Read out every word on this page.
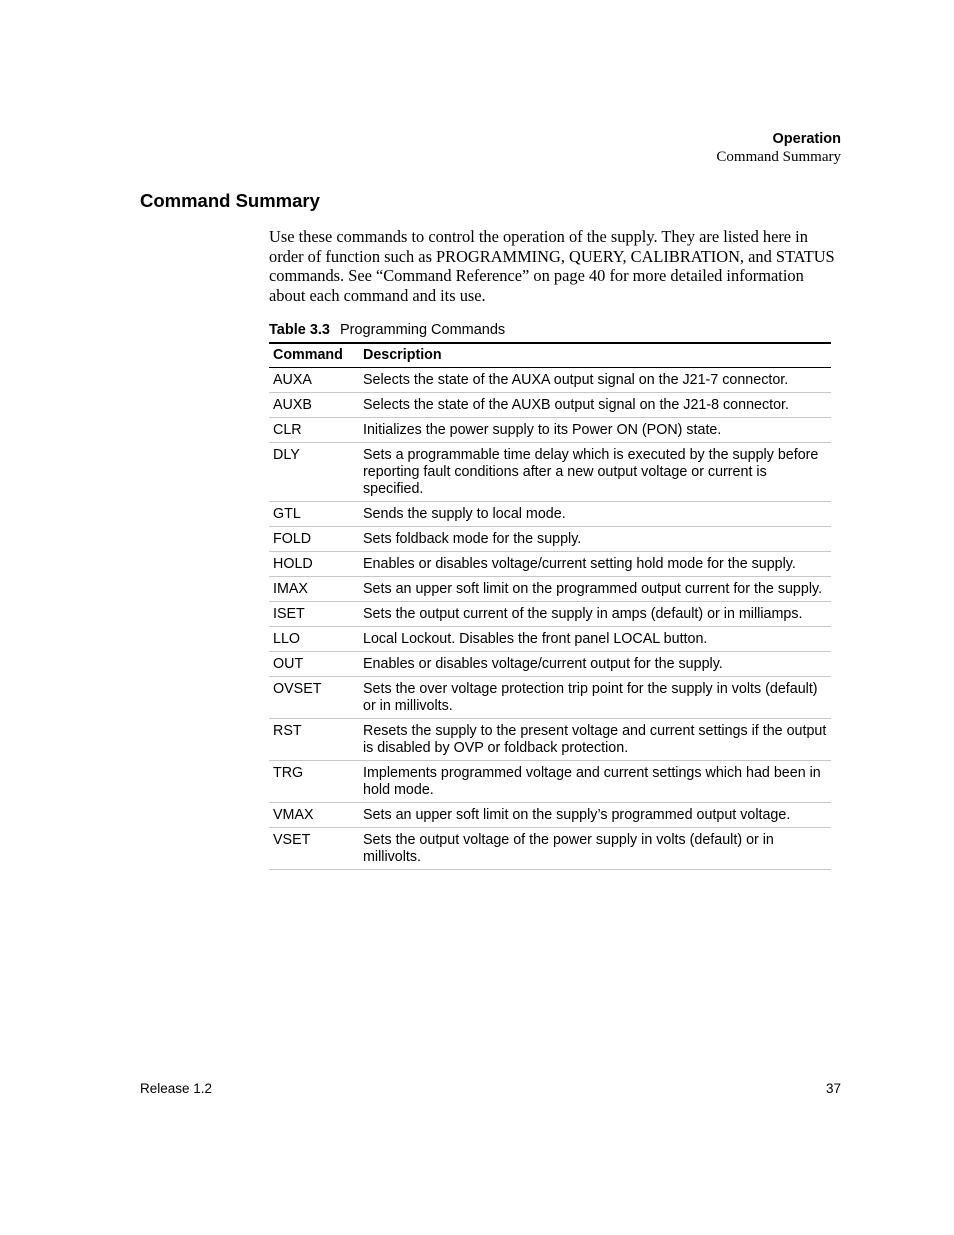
Operation
Command Summary
Command Summary

Use these commands to control the operation of the supply. They are listed here in order of function such as PROGRAMMING, QUERY, CALIBRATION, and STATUS commands. See “Command Reference” on page 40 for more detailed information about each command and its use.

Table 3.3 Programming Commands
Command	Description
AUXA	Selects the state of the AUXA output signal on the J21-7 connector.
AUXB	Selects the state of the AUXB output signal on the J21-8 connector.
CLR	Initializes the power supply to its Power ON (PON) state.
DLY	Sets a programmable time delay which is executed by the supply before reporting fault conditions after a new output voltage or current is specified.
GTL	Sends the supply to local mode.
FOLD	Sets foldback mode for the supply.
HOLD	Enables or disables voltage/current setting hold mode for the supply.
IMAX	Sets an upper soft limit on the programmed output current for the supply.
ISET	Sets the output current of the supply in amps (default) or in milliamps.
LLO	Local Lockout. Disables the front panel LOCAL button.
OUT	Enables or disables voltage/current output for the supply.
OVSET	Sets the over voltage protection trip point for the supply in volts (default) or in millivolts.
RST	Resets the supply to the present voltage and current settings if the output is disabled by OVP or foldback protection.
TRG	Implements programmed voltage and current settings which had been in hold mode.
VMAX	Sets an upper soft limit on the supply’s programmed output voltage.
VSET	Sets the output voltage of the power supply in volts (default) or in millivolts.
Release 1.2	37
